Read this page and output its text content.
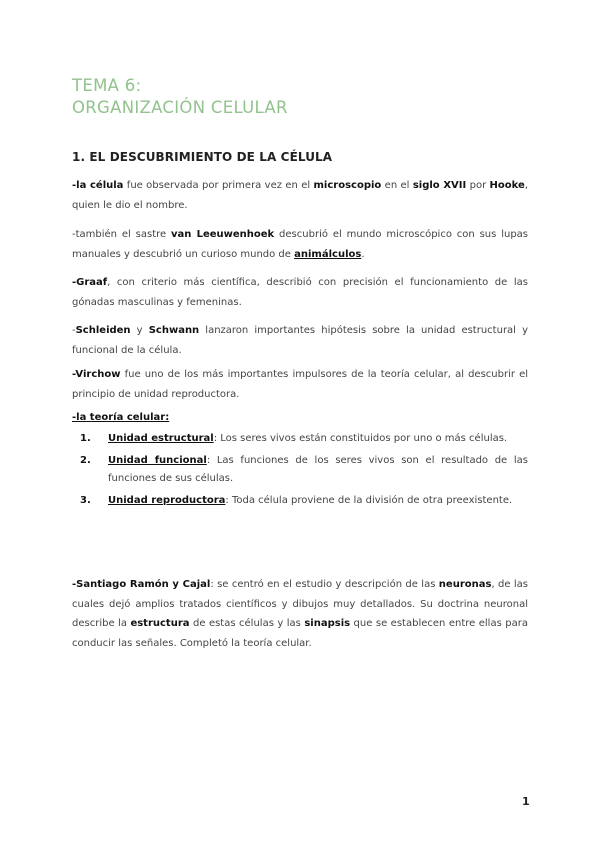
TEMA 6:
ORGANIZACIÓN CELULAR
1. EL DESCUBRIMIENTO DE LA CÉLULA
-la célula fue observada por primera vez en el microscopio en el siglo XVII por Hooke, quien le dio el nombre.
-también el sastre van Leeuwenhoek descubrió el mundo microscópico con sus lupas manuales y descubrió un curioso mundo de animálculos.
-Graaf, con criterio más científica, describió con precisión el funcionamiento de las gónadas masculinas y femeninas.
-Schleiden y Schwann lanzaron importantes hipótesis sobre la unidad estructural y funcional de la célula.
-Virchow fue uno de los más importantes impulsores de la teoría celular, al descubrir el principio de unidad reproductora.
-la teoría celular:
1. Unidad estructural: Los seres vivos están constituidos por uno o más células.
2. Unidad funcional: Las funciones de los seres vivos son el resultado de las funciones de sus células.
3. Unidad reproductora: Toda célula proviene de la división de otra preexistente.
-Santiago Ramón y Cajal: se centró en el estudio y descripción de las neuronas, de las cuales dejó amplios tratados científicos y dibujos muy detallados. Su doctrina neuronal describe la estructura de estas células y las sinapsis que se establecen entre ellas para conducir las señales. Completó la teoría celular.
1
